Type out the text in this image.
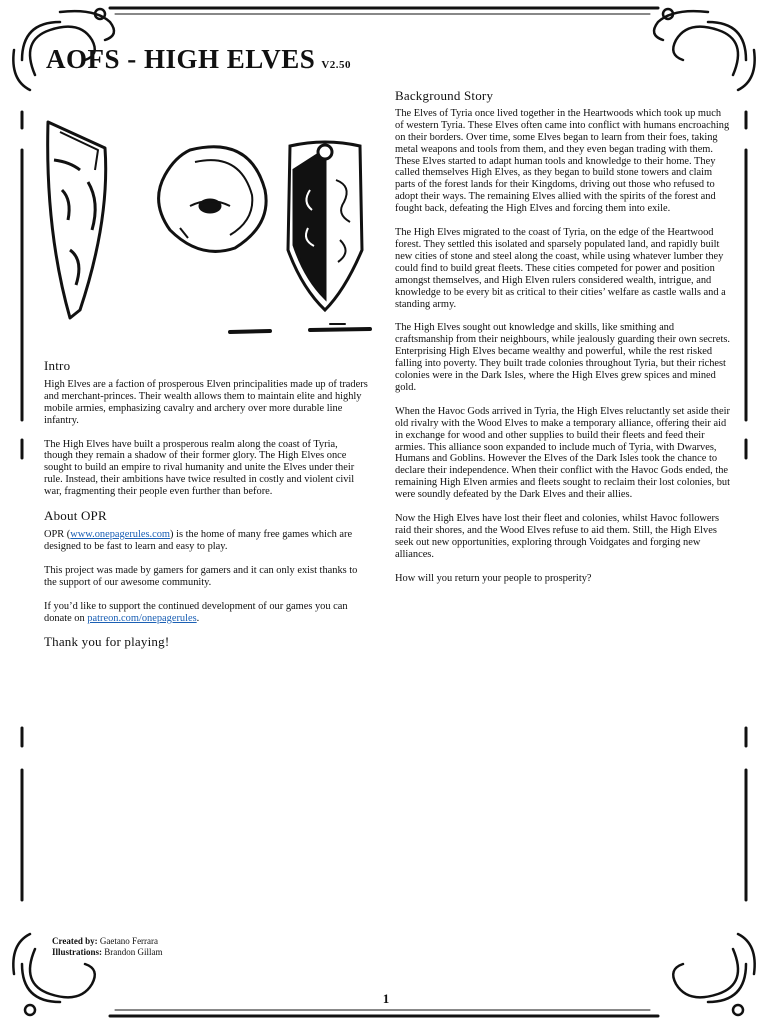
AOFS - HIGH ELVES V2.50
Intro

High Elves are a faction of prosperous Elven principalities made up of traders and merchant-princes. Their wealth allows them to maintain elite and highly mobile armies, emphasizing cavalry and archery over more durable line infantry.

The High Elves have built a prosperous realm along the coast of Tyria, though they remain a shadow of their former glory. The High Elves once sought to build an empire to rival humanity and unite the Elves under their rule. Instead, their ambitions have twice resulted in costly and violent civil war, fragmenting their people even further than before.

About OPR

OPR (www.onepagerules.com) is the home of many free games which are designed to be fast to learn and easy to play.

This project was made by gamers for gamers and it can only exist thanks to the support of our awesome community.

If you’d like to support the continued development of our games you can donate on patreon.com/onepagerules.

Thank you for playing!
Background Story

The Elves of Tyria once lived together in the Heartwoods which took up much of western Tyria. These Elves often came into conflict with humans encroaching on their borders. Over time, some Elves began to learn from their foes, taking metal weapons and tools from them, and they even began trading with them. These Elves started to adapt human tools and knowledge to their home. They called themselves High Elves, as they began to build stone towers and claim parts of the forest lands for their Kingdoms, driving out those who refused to adopt their ways. The remaining Elves allied with the spirits of the forest and fought back, defeating the High Elves and forcing them into exile.

The High Elves migrated to the coast of Tyria, on the edge of the Heartwood forest. They settled this isolated and sparsely populated land, and rapidly built new cities of stone and steel along the coast, while using whatever lumber they could find to build great fleets. These cities competed for power and position amongst themselves, and High Elven rulers considered wealth, intrigue, and knowledge to be every bit as critical to their cities’ welfare as castle walls and a standing army.

The High Elves sought out knowledge and skills, like smithing and craftsmanship from their neighbours, while jealously guarding their own secrets. Enterprising High Elves became wealthy and powerful, while the rest risked falling into poverty. They built trade colonies throughout Tyria, but their richest colonies were in the Dark Isles, where the High Elves grew spices and mined gold.

When the Havoc Gods arrived in Tyria, the High Elves reluctantly set aside their old rivalry with the Wood Elves to make a temporary alliance, offering their aid in exchange for wood and other supplies to build their fleets and feed their armies. This alliance soon expanded to include much of Tyria, with Dwarves, Humans and Goblins. However the Elves of the Dark Isles took the chance to declare their independence. When their conflict with the Havoc Gods ended, the remaining High Elven armies and fleets sought to reclaim their lost colonies, but were soundly defeated by the Dark Elves and their allies.

Now the High Elves have lost their fleet and colonies, whilst Havoc followers raid their shores, and the Wood Elves refuse to aid them. Still, the High Elves seek out new opportunities, exploring through Voidgates and forging new alliances.

How will you return your people to prosperity?

Created by: Gaetano Ferrara
Illustrations: Brandon Gillam
1
